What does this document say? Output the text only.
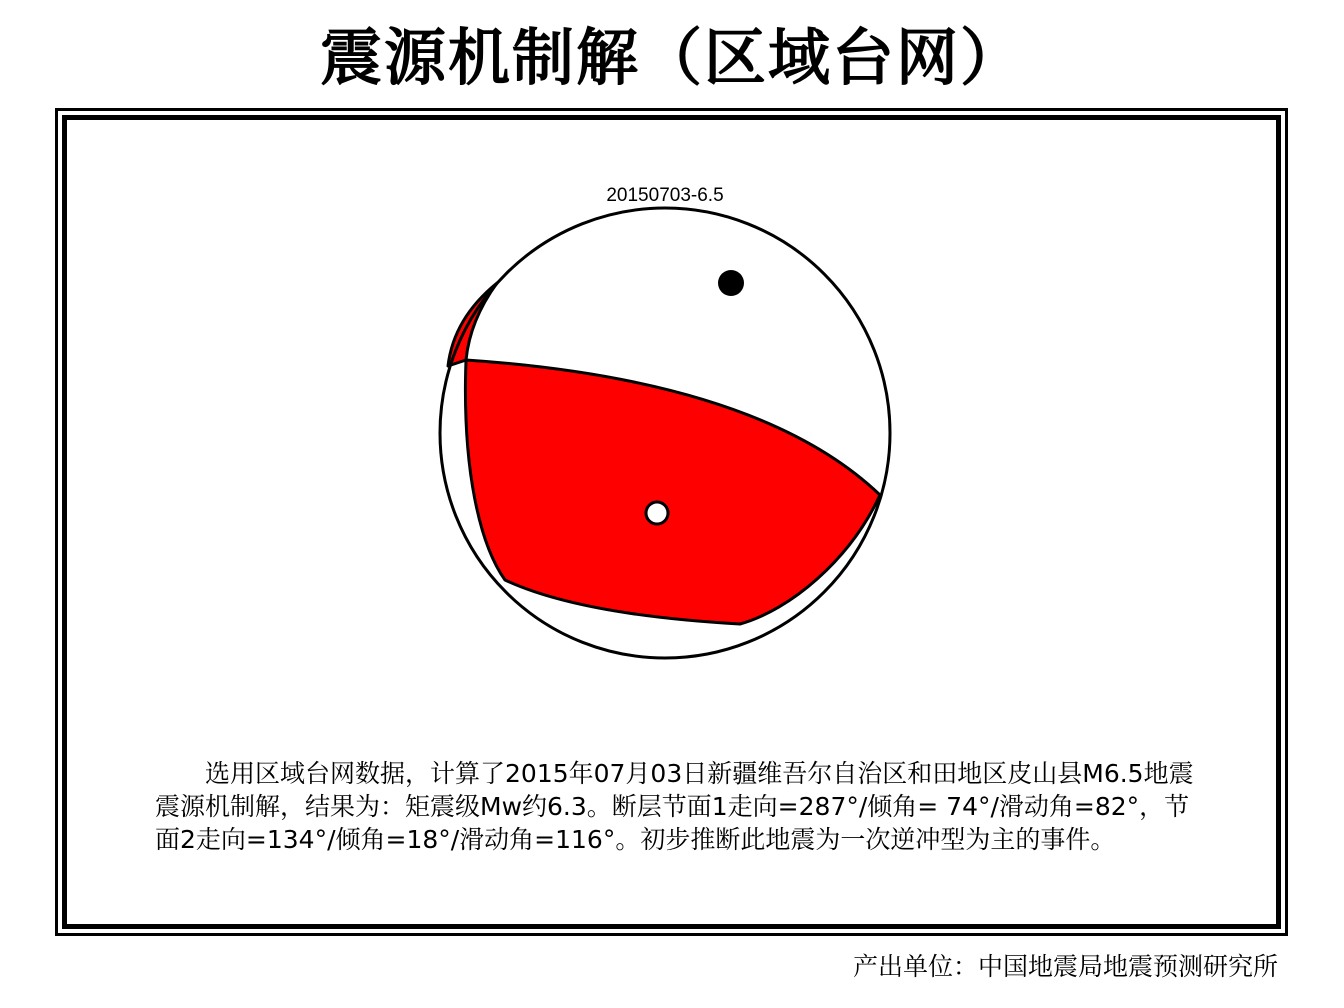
震源机制解（区域台网）
20150703-6.5

选用区域台网数据，计算了2015年07月03日新疆维吾尔自治区和田地区皮山县M6.5地震震源机制解，结果为：矩震级Mw约6.3。断层节面1走向=287°/倾角= 74°/滑动角=82°，节面2走向=134°/倾角=18°/滑动角=116°。初步推断此地震为一次逆冲型为主的事件。

产出单位：中国地震局地震预测研究所
